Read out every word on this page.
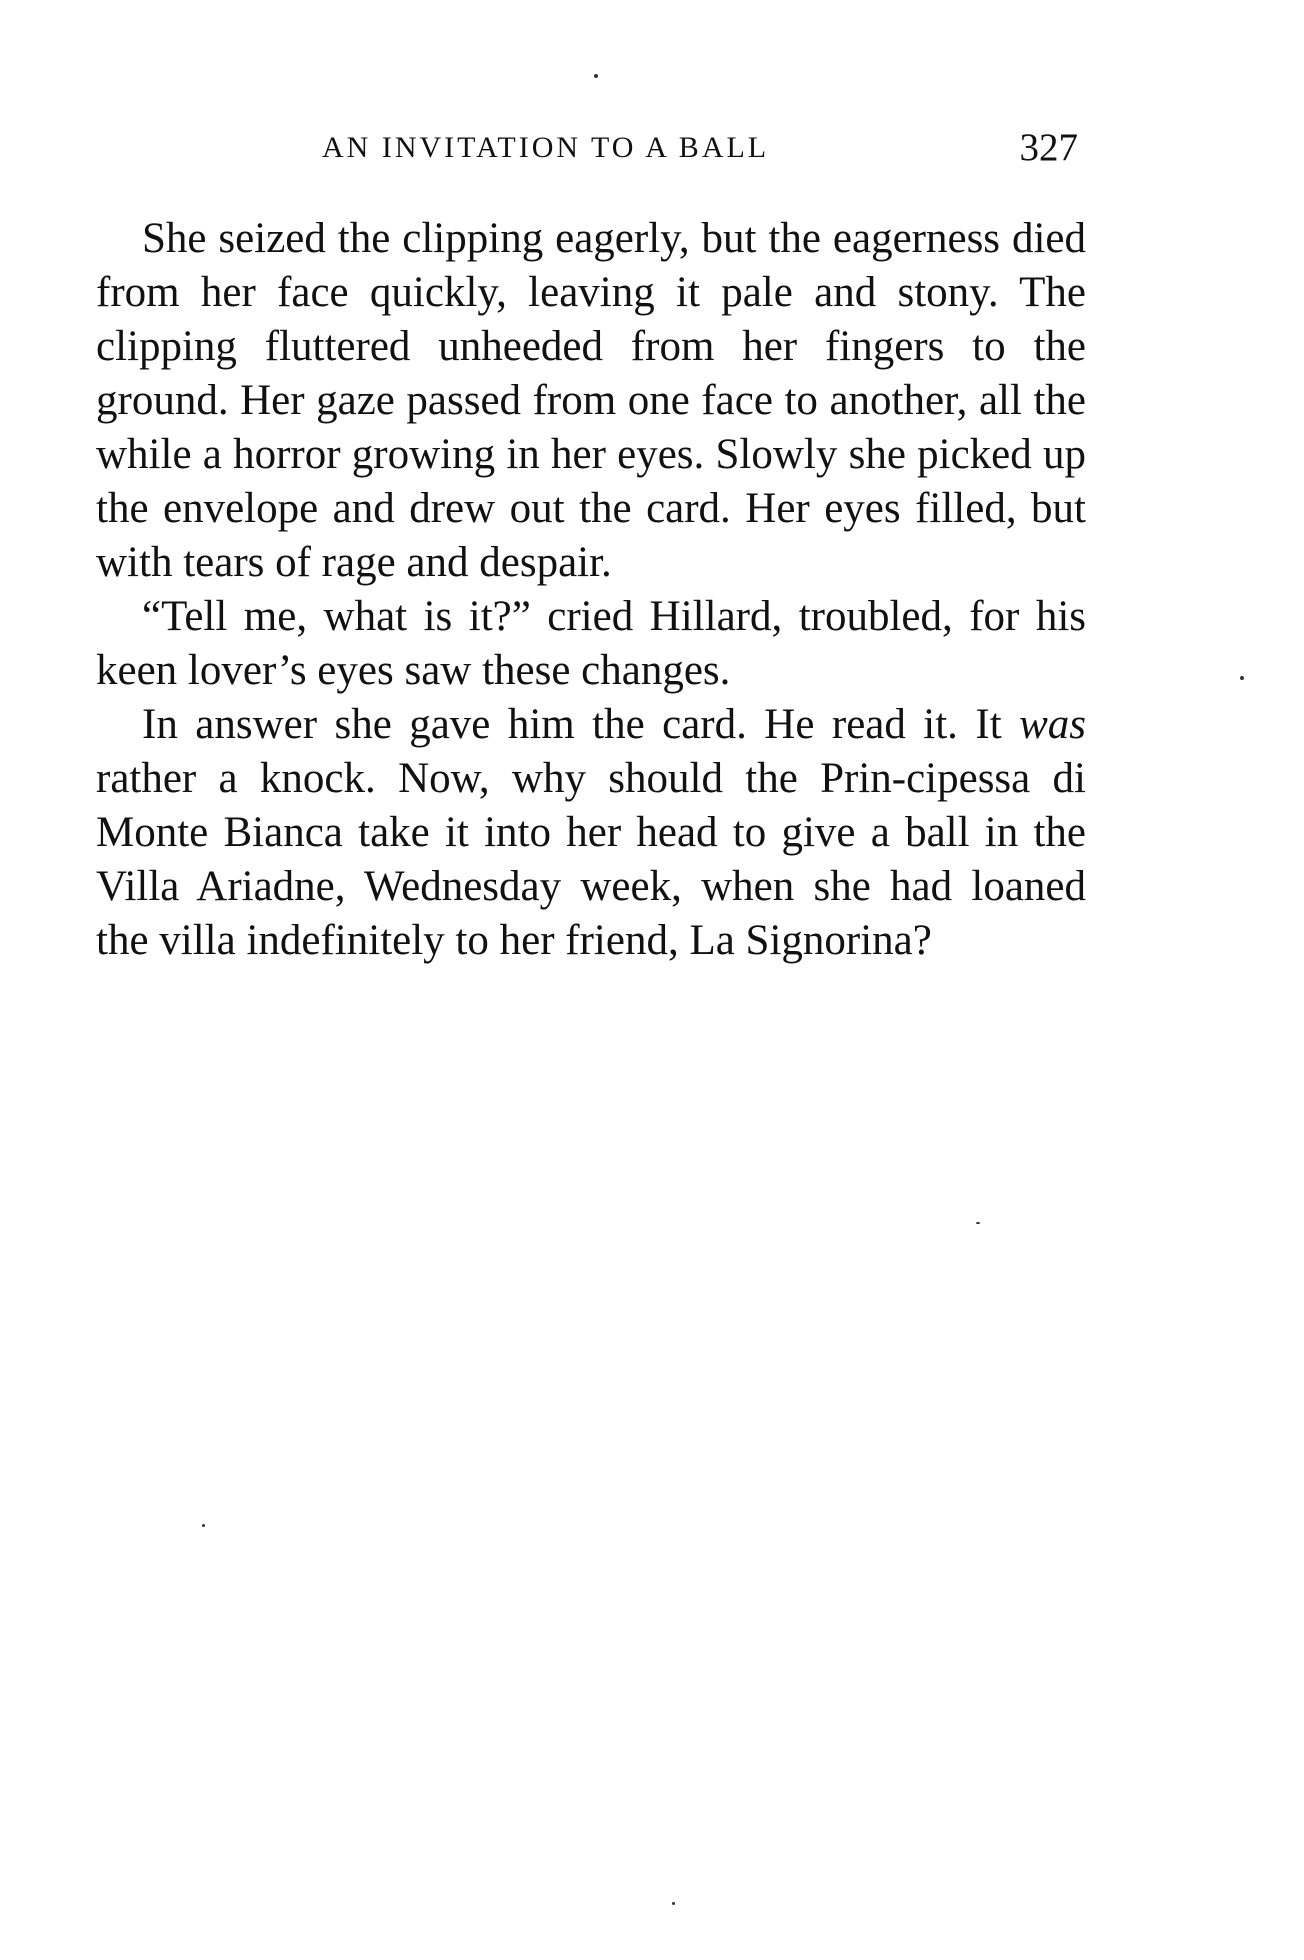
AN INVITATION TO A BALL	327

She seized the clipping eagerly, but the eagerness died from her face quickly, leaving it pale and stony. The clipping fluttered unheeded from her fingers to the ground. Her gaze passed from one face to another, all the while a horror growing in her eyes. Slowly she picked up the envelope and drew out the card. Her eyes filled, but with tears of rage and despair.

“Tell me, what is it?” cried Hillard, troubled, for his keen lover’s eyes saw these changes.

In answer she gave him the card. He read it. It was rather a knock. Now, why should the Prin-cipessa di Monte Bianca take it into her head to give a ball in the Villa Ariadne, Wednesday week, when she had loaned the villa indefinitely to her friend, La Signorina?
